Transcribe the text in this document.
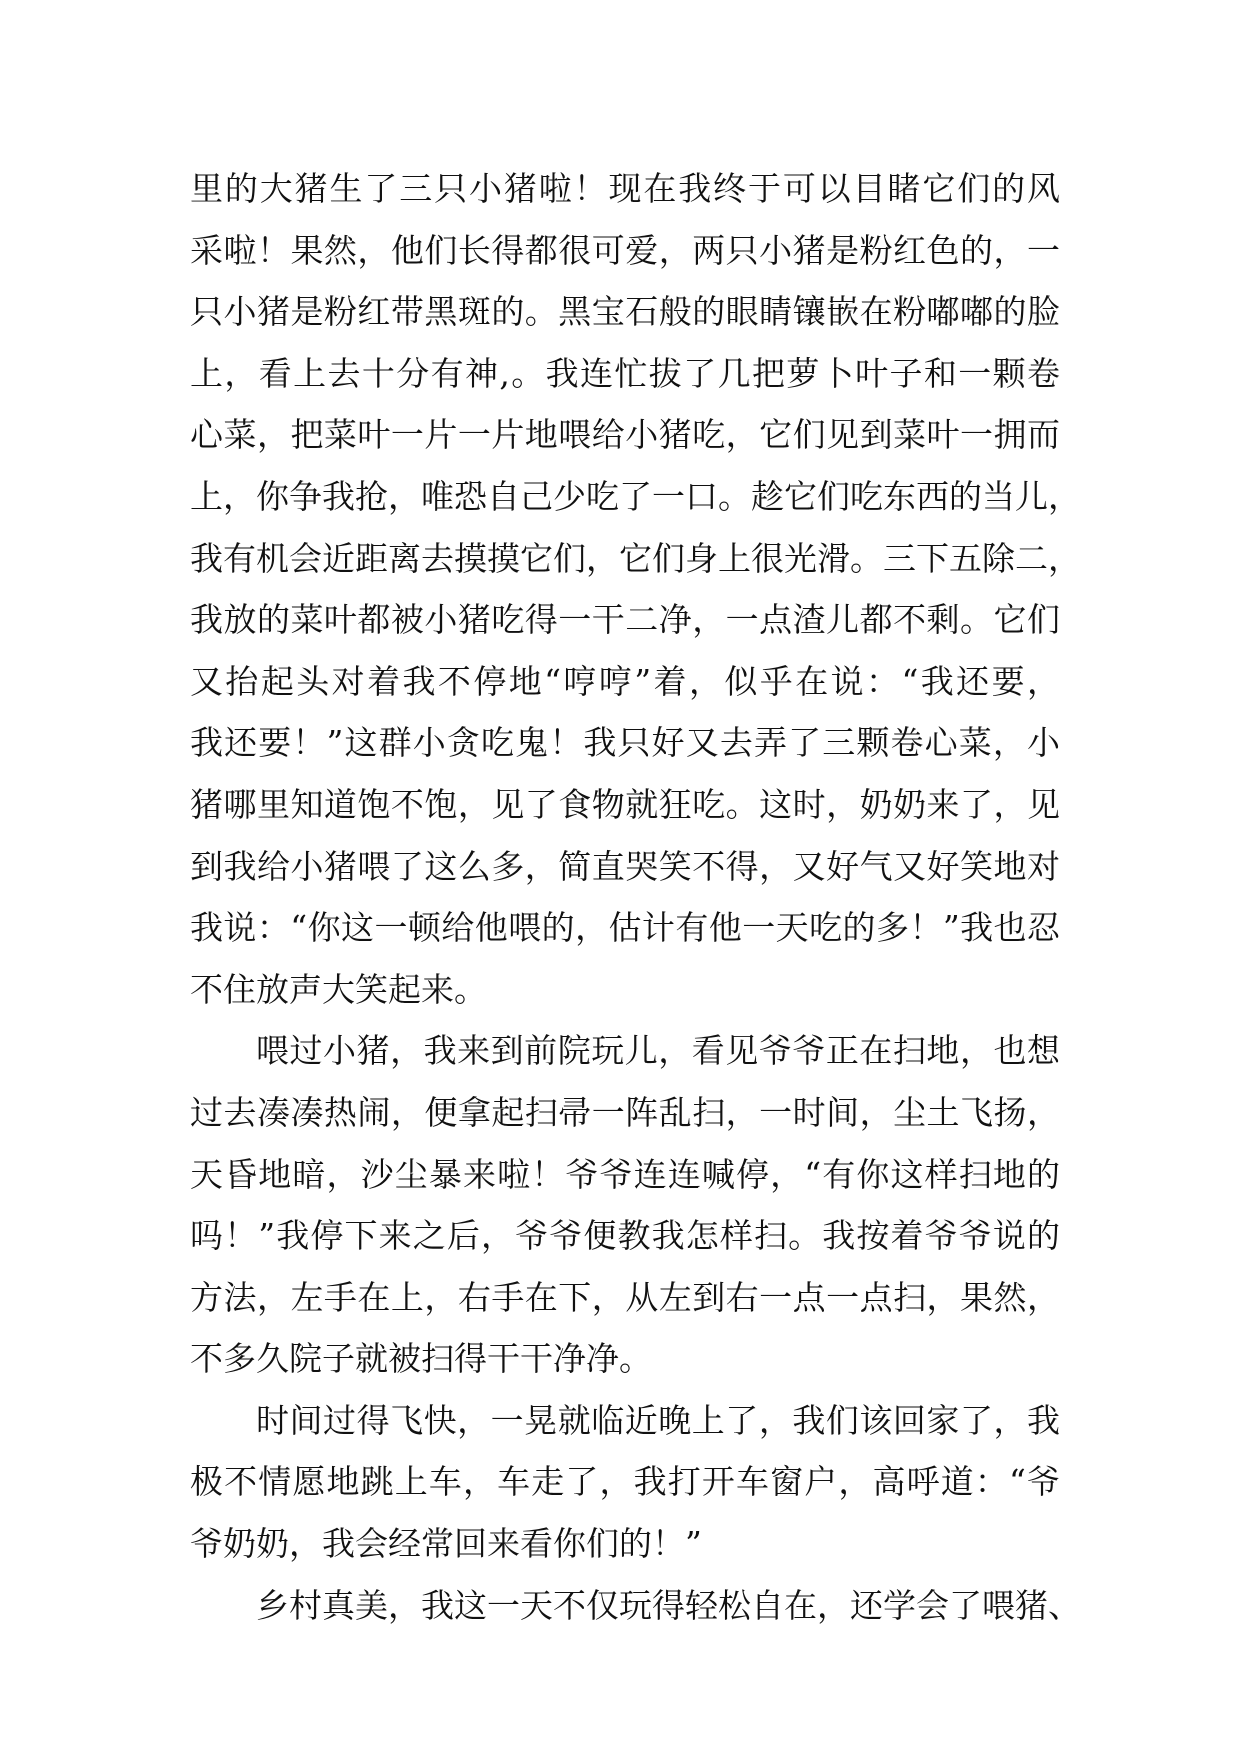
里的大猪生了三只小猪啦！现在我终于可以目睹它们的风
采啦！果然，他们长得都很可爱，两只小猪是粉红色的，一
只小猪是粉红带黑斑的。黑宝石般的眼睛镶嵌在粉嘟嘟的脸
上，看上去十分有神,。我连忙拔了几把萝卜叶子和一颗卷
心菜，把菜叶一片一片地喂给小猪吃，它们见到菜叶一拥而
上，你争我抢，唯恐自己少吃了一口。趁它们吃东西的当儿，
我有机会近距离去摸摸它们，它们身上很光滑。三下五除二，
我放的菜叶都被小猪吃得一干二净，一点渣儿都不剩。它们
又抬起头对着我不停地“哼哼”着，似乎在说：“我还要，
我还要！”这群小贪吃鬼！我只好又去弄了三颗卷心菜，小
猪哪里知道饱不饱，见了食物就狂吃。这时，奶奶来了，见
到我给小猪喂了这么多，简直哭笑不得，又好气又好笑地对
我说：“你这一顿给他喂的，估计有他一天吃的多！”我也忍
不住放声大笑起来。
喂过小猪，我来到前院玩儿，看见爷爷正在扫地，也想
过去凑凑热闹，便拿起扫帚一阵乱扫，一时间，尘土飞扬，
天昏地暗，沙尘暴来啦！爷爷连连喊停，“有你这样扫地的
吗！”我停下来之后，爷爷便教我怎样扫。我按着爷爷说的
方法，左手在上，右手在下，从左到右一点一点扫，果然，
不多久院子就被扫得干干净净。
时间过得飞快，一晃就临近晚上了，我们该回家了，我
极不情愿地跳上车，车走了，我打开车窗户，高呼道：“爷
爷奶奶，我会经常回来看你们的！”
乡村真美，我这一天不仅玩得轻松自在，还学会了喂猪、
